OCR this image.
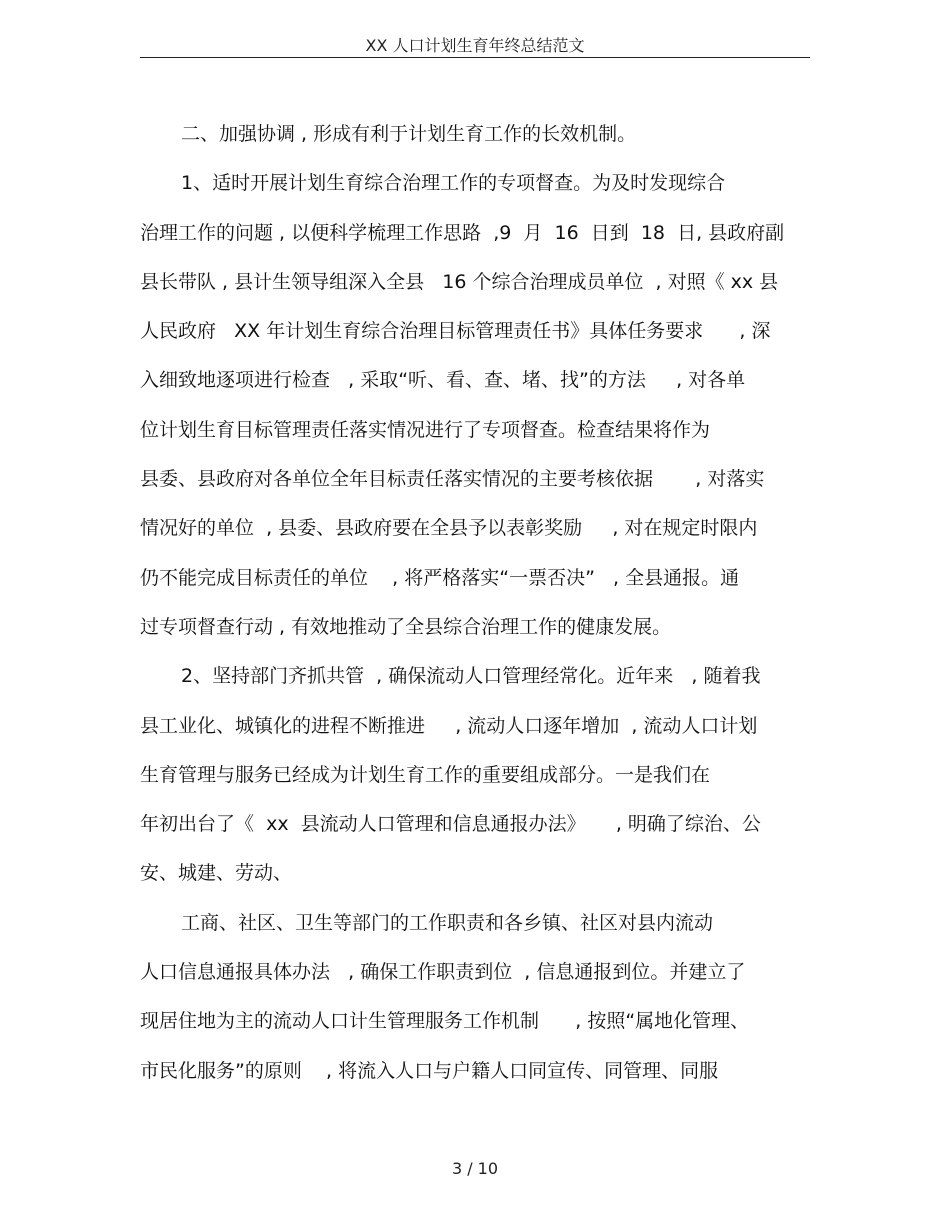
XX 人口计划生育年终总结范文
二、加强协调 , 形成有利于计划生育工作的长效机制。
1、适时开展计划生育综合治理工作的专项督查。为及时发现综合
治理工作的问题 , 以便科学梳理工作思路  ,9  月  16  日到  18  日, 县政府副
县长带队 , 县计生领导组深入全县   16 个综合治理成员单位  , 对照《 xx 县
人民政府   XX 年计划生育综合治理目标管理责任书》具体任务要求      , 深
入细致地逐项进行检查   , 采取“听、看、查、堵、找”的方法     , 对各单
位计划生育目标管理责任落实情况进行了专项督查。检查结果将作为
县委、县政府对各单位全年目标责任落实情况的主要考核依据       , 对落实
情况好的单位  , 县委、县政府要在全县予以表彰奖励     , 对在规定时限内
仍不能完成目标责任的单位    , 将严格落实“一票否决”   , 全县通报。通
过专项督查行动 , 有效地推动了全县综合治理工作的健康发展。
2、坚持部门齐抓共管  , 确保流动人口管理经常化。近年来   , 随着我
县工业化、城镇化的进程不断推进     , 流动人口逐年增加  , 流动人口计划
生育管理与服务已经成为计划生育工作的重要组成部分。一是我们在
年初出台了《  xx  县流动人口管理和信息通报办法》     , 明确了综治、公
安、城建、劳动、
工商、社区、卫生等部门的工作职责和各乡镇、社区对县内流动
人口信息通报具体办法   , 确保工作职责到位  , 信息通报到位。并建立了
现居住地为主的流动人口计生管理服务工作机制      , 按照“属地化管理、
市民化服务”的原则    , 将流入人口与户籍人口同宣传、同管理、同服
3 / 10
